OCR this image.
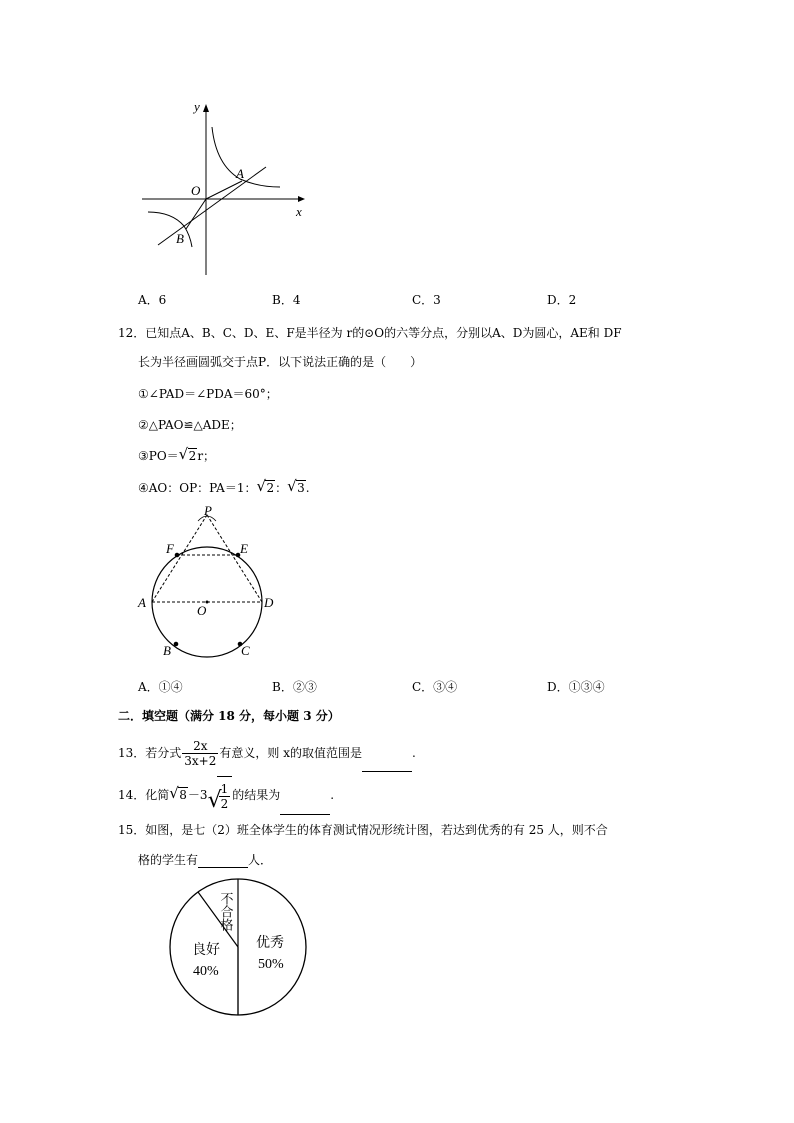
y
x
O
A
B
A．6	B．4	C．3	D．2
12．已知点A、B、C、D、E、F是半径为 r的⊙O的六等分点，分别以A、D为圆心，AE和 DF
长为半径画圆弧交于点P．以下说法正确的是（　　）
①∠PAD＝∠PDA＝60°；
②△PAO≌△ADE；
③PO＝ √ 2r；
④AO：OP：PA＝1： √ 2： √ 3.
P
F	E
A	D
O
B	C
A．①④	B．②③	C．③④	D．①③④
二．填空题（满分 18 分，每小题 3 分）
13．若分式 $\frac{2x}{3x+2}$ 有意义，则 x的取值范围是	.
14．化简 √ 8－3 √
$\frac{1}{2}$ 的结果为	.
15．如图，是七（2）班全体学生的体育测试情况形统计图，若达到优秀的有 25 人，则不合
格的学生有	人．
优秀
50%
良好
40%
不合格
